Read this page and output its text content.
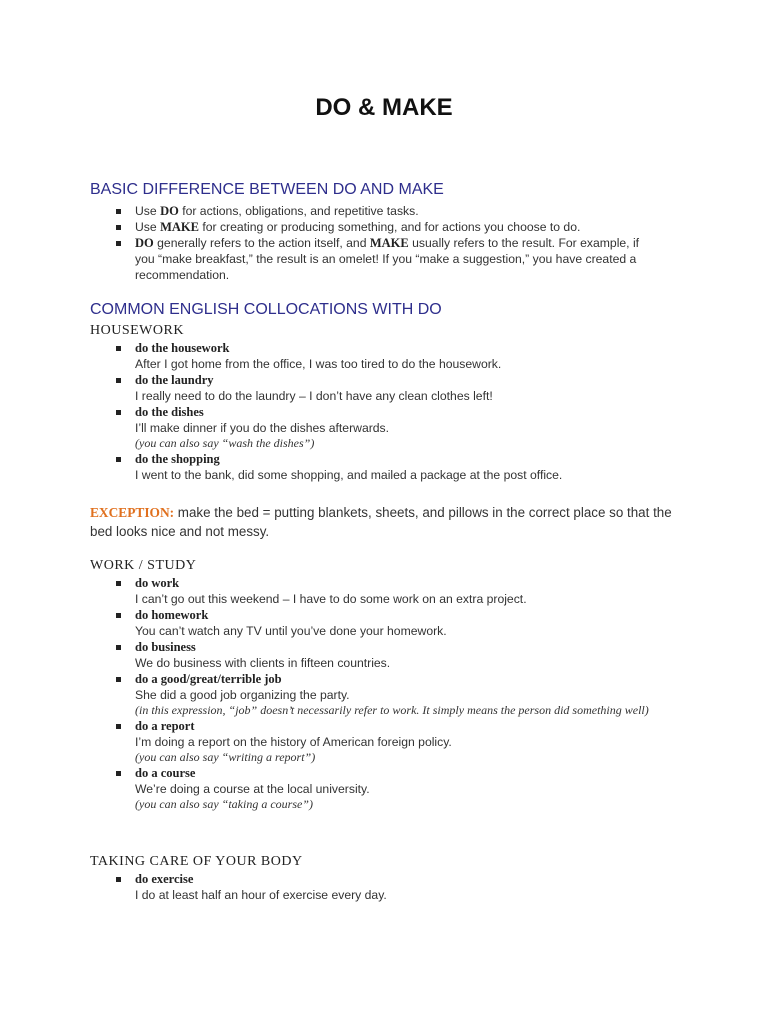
DO & MAKE
BASIC DIFFERENCE BETWEEN DO AND MAKE
Use DO for actions, obligations, and repetitive tasks.
Use MAKE for creating or producing something, and for actions you choose to do.
DO generally refers to the action itself, and MAKE usually refers to the result. For example, if you “make breakfast,” the result is an omelet! If you “make a suggestion,” you have created a recommendation.
COMMON ENGLISH COLLOCATIONS WITH DO
HOUSEWORK
do the housework
After I got home from the office, I was too tired to do the housework.
do the laundry
I really need to do the laundry – I don’t have any clean clothes left!
do the dishes
I’ll make dinner if you do the dishes afterwards.
(you can also say “wash the dishes”)
do the shopping
I went to the bank, did some shopping, and mailed a package at the post office.

EXCEPTION: make the bed = putting blankets, sheets, and pillows in the correct place so that the bed looks nice and not messy.

WORK / STUDY
do work
I can’t go out this weekend – I have to do some work on an extra project.
do homework
You can’t watch any TV until you’ve done your homework.
do business
We do business with clients in fifteen countries.
do a good/great/terrible job
She did a good job organizing the party.
(in this expression, “job” doesn’t necessarily refer to work. It simply means the person did something well)
do a report
I’m doing a report on the history of American foreign policy.
(you can also say “writing a report”)
do a course
We’re doing a course at the local university.
(you can also say “taking a course”)
TAKING CARE OF YOUR BODY
do exercise
I do at least half an hour of exercise every day.
